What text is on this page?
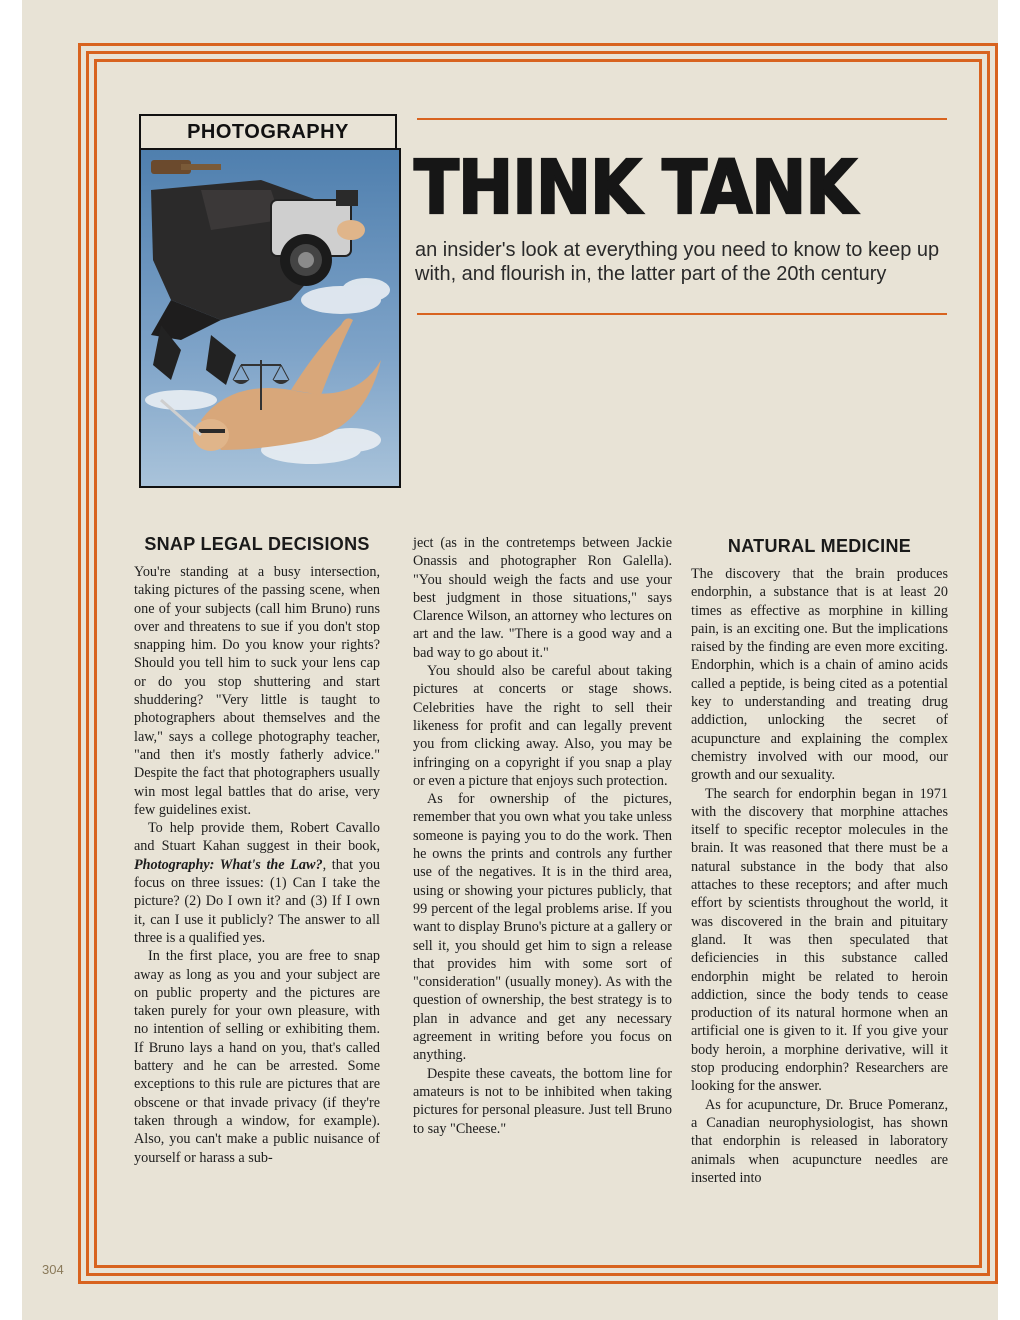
PHOTOGRAPHY
THINK TANK

an insider's look at everything you need to know to keep up with, and flourish in, the latter part of the 20th century

SNAP LEGAL DECISIONS

You're standing at a busy intersection, taking pictures of the passing scene, when one of your subjects (call him Bruno) runs over and threatens to sue if you don't stop snapping him. Do you know your rights? Should you tell him to suck your lens cap or do you stop shuttering and start shuddering? "Very little is taught to photographers about themselves and the law," says a college photography teacher, "and then it's mostly fatherly advice." Despite the fact that photographers usually win most legal battles that do arise, very few guidelines exist.

To help provide them, Robert Cavallo and Stuart Kahan suggest in their book, Photography: What's the Law?, that you focus on three issues: (1) Can I take the picture? (2) Do I own it? and (3) If I own it, can I use it publicly? The answer to all three is a qualified yes.

In the first place, you are free to snap away as long as you and your subject are on public property and the pictures are taken purely for your own pleasure, with no intention of selling or exhibiting them. If Bruno lays a hand on you, that's called battery and he can be arrested. Some exceptions to this rule are pictures that are obscene or that invade privacy (if they're taken through a window, for example). Also, you can't make a public nuisance of yourself or harass a sub-

ject (as in the contretemps between Jackie Onassis and photographer Ron Galella). "You should weigh the facts and use your best judgment in those situations," says Clarence Wilson, an attorney who lectures on art and the law. "There is a good way and a bad way to go about it."

You should also be careful about taking pictures at concerts or stage shows. Celebrities have the right to sell their likeness for profit and can legally prevent you from clicking away. Also, you may be infringing on a copyright if you snap a play or even a picture that enjoys such protection.

As for ownership of the pictures, remember that you own what you take unless someone is paying you to do the work. Then he owns the prints and controls any further use of the negatives. It is in the third area, using or showing your pictures publicly, that 99 percent of the legal problems arise. If you want to display Bruno's picture at a gallery or sell it, you should get him to sign a release that provides him with some sort of "consideration" (usually money). As with the question of ownership, the best strategy is to plan in advance and get any necessary agreement in writing before you focus on anything.

Despite these caveats, the bottom line for amateurs is not to be inhibited when taking pictures for personal pleasure. Just tell Bruno to say "Cheese."

NATURAL MEDICINE

The discovery that the brain produces endorphin, a substance that is at least 20 times as effective as morphine in killing pain, is an exciting one. But the implications raised by the finding are even more exciting. Endorphin, which is a chain of amino acids called a peptide, is being cited as a potential key to understanding and treating drug addiction, unlocking the secret of acupuncture and explaining the complex chemistry involved with our mood, our growth and our sexuality.

The search for endorphin began in 1971 with the discovery that morphine attaches itself to specific receptor molecules in the brain. It was reasoned that there must be a natural substance in the body that also attaches to these receptors; and after much effort by scientists throughout the world, it was discovered in the brain and pituitary gland. It was then speculated that deficiencies in this substance called endorphin might be related to heroin addiction, since the body tends to cease production of its natural hormone when an artificial one is given to it. If you give your body heroin, a morphine derivative, will it stop producing endorphin? Researchers are looking for the answer.

As for acupuncture, Dr. Bruce Pomeranz, a Canadian neurophysiologist, has shown that endorphin is released in laboratory animals when acupuncture needles are inserted into

304
